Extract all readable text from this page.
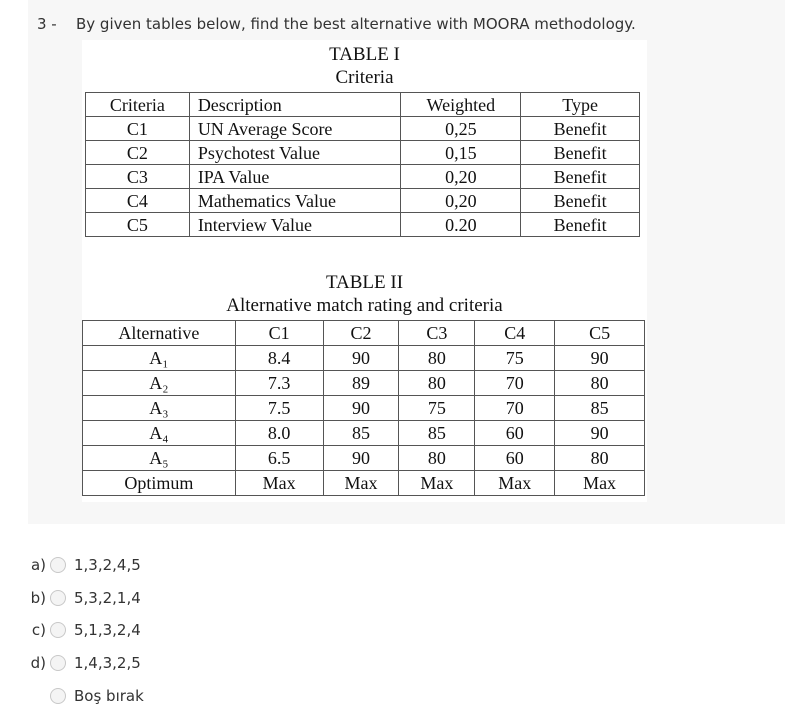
3 - By given tables below, find the best alternative with MOORA methodology.
TABLE I
Criteria
Criteria	Description	Weighted	Type
C1	UN Average Score	0,25	Benefit
C2	Psychotest Value	0,15	Benefit
C3	IPA Value	0,20	Benefit
C4	Mathematics Value	0,20	Benefit
C5	Interview Value	0.20	Benefit
TABLE II
Alternative match rating and criteria
Alternative	C1	C2	C3	C4	C5
A₁	8.4	90	80	75	90
A₂	7.3	89	80	70	80
A₃	7.5	90	75	70	85
A₄	8.0	85	85	60	90
A₅	6.5	90	80	60	80
Optimum	Max	Max	Max	Max	Max
a) 1,3,2,4,5
b) 5,3,2,1,4
c) 5,1,3,2,4
d) 1,4,3,2,5
Boş bırak
